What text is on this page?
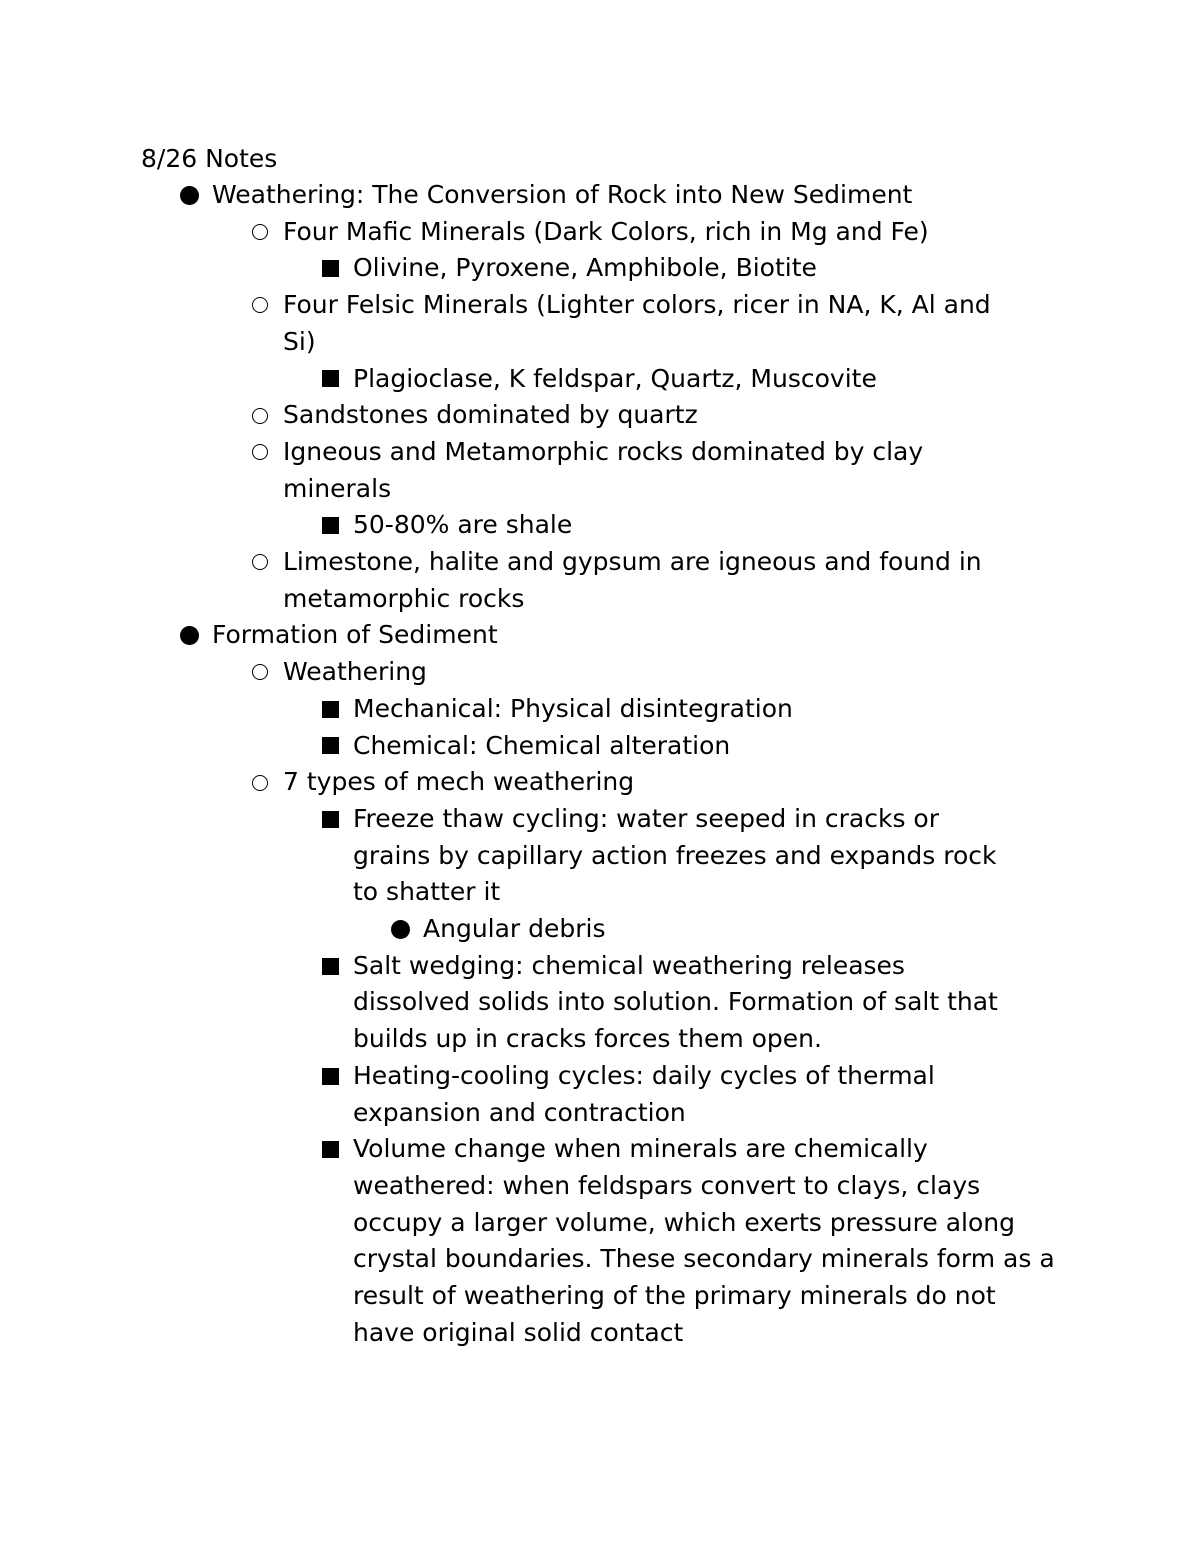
8/26 Notes
Weathering: The Conversion of Rock into New Sediment
Four Mafic Minerals (Dark Colors, rich in Mg and Fe)
Olivine, Pyroxene, Amphibole, Biotite
Four Felsic Minerals (Lighter colors, ricer in NA, K, Al and Si)
Plagioclase, K feldspar, Quartz, Muscovite
Sandstones dominated by quartz
Igneous and Metamorphic rocks dominated by clay minerals
50-80% are shale
Limestone, halite and gypsum are igneous and found in metamorphic rocks
Formation of Sediment
Weathering
Mechanical: Physical disintegration
Chemical: Chemical alteration
7 types of mech weathering
Freeze thaw cycling: water seeped in cracks or grains by capillary action freezes and expands rock to shatter it
Angular debris
Salt wedging: chemical weathering releases dissolved solids into solution. Formation of salt that builds up in cracks forces them open.
Heating-cooling cycles: daily cycles of thermal expansion and contraction
Volume change when minerals are chemically weathered: when feldspars convert to clays, clays occupy a larger volume, which exerts pressure along crystal boundaries. These secondary minerals form as a result of weathering of the primary minerals do not have original solid contact
